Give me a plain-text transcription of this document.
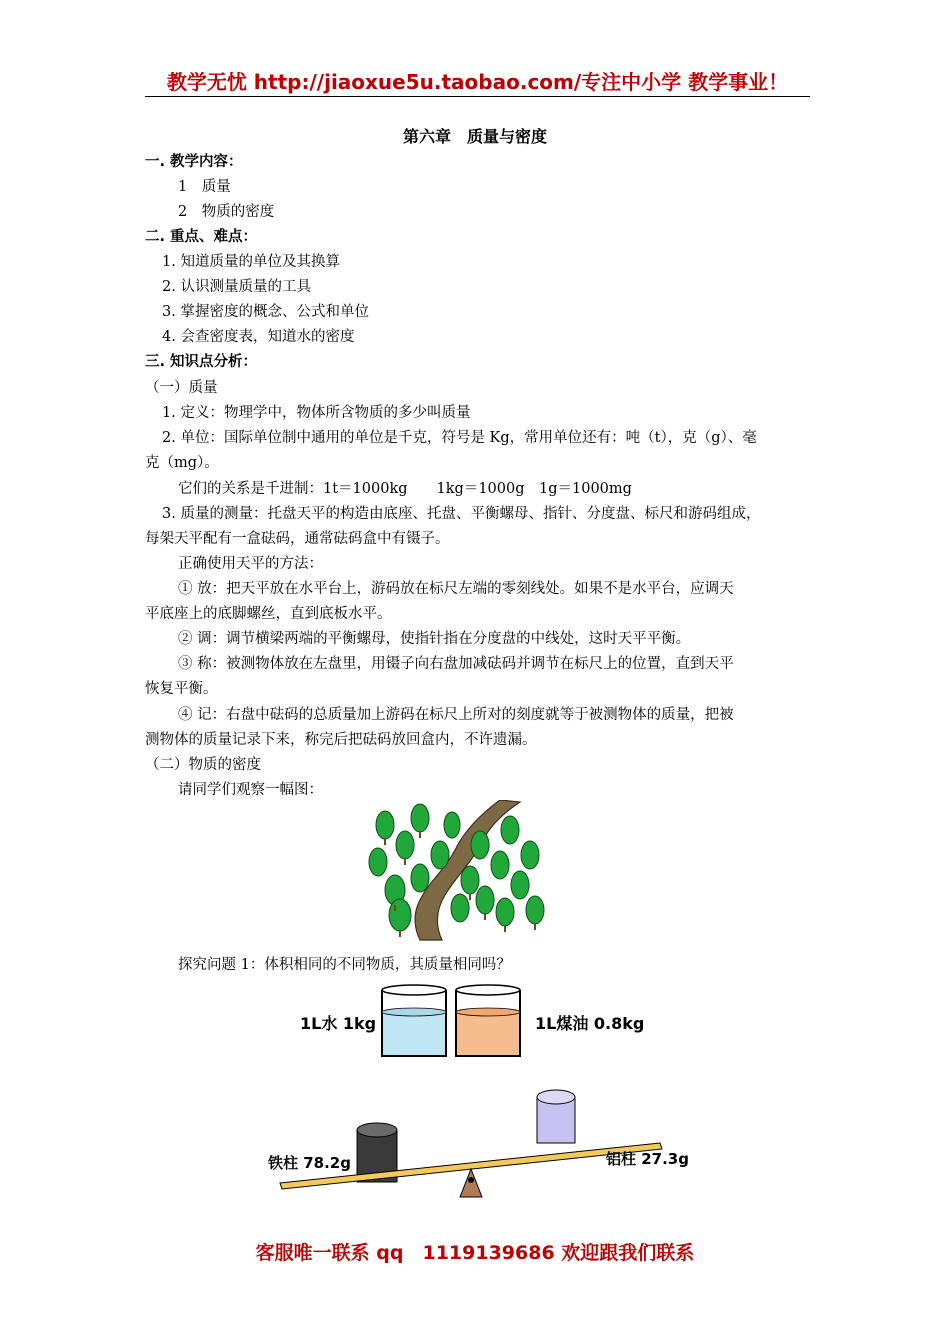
教学无忧 http://jiaoxue5u.taobao.com/专注中小学 教学事业！
第六章　质量与密度
一. 教学内容：
1　质量
2　物质的密度
二. 重点、难点：
1. 知道质量的单位及其换算
2. 认识测量质量的工具
3. 掌握密度的概念、公式和单位
4. 会查密度表，知道水的密度
三. 知识点分析：
（一）质量
1. 定义：物理学中，物体所含物质的多少叫质量
2. 单位：国际单位制中通用的单位是千克，符号是 Kg，常用单位还有：吨（t），克（g）、毫
克（mg）。
它们的关系是千进制：1t＝1000kg　　1kg＝1000g　1g＝1000mg
3. 质量的测量：托盘天平的构造由底座、托盘、平衡螺母、指针、分度盘、标尺和游码组成，
每架天平配有一盒砝码，通常砝码盒中有镊子。
正确使用天平的方法：
① 放：把天平放在水平台上，游码放在标尺左端的零刻线处。如果不是水平台，应调天
平底座上的底脚螺丝，直到底板水平。
② 调：调节横梁两端的平衡螺母，使指针指在分度盘的中线处，这时天平平衡。
③ 称：被测物体放在左盘里，用镊子向右盘加减砝码并调节在标尺上的位置，直到天平
恢复平衡。
④ 记：右盘中砝码的总质量加上游码在标尺上所对的刻度就等于被测物体的质量，把被
测物体的质量记录下来，称完后把砝码放回盒内，不许遗漏。
（二）物质的密度
请同学们观察一幅图：
探究问题 1：体积相同的不同物质，其质量相同吗？
1L水 1kg	1L煤油 0.8kg
铁柱 78.2g	铝柱 27.3g
客服唯一联系 qq　1119139686 欢迎跟我们联系
